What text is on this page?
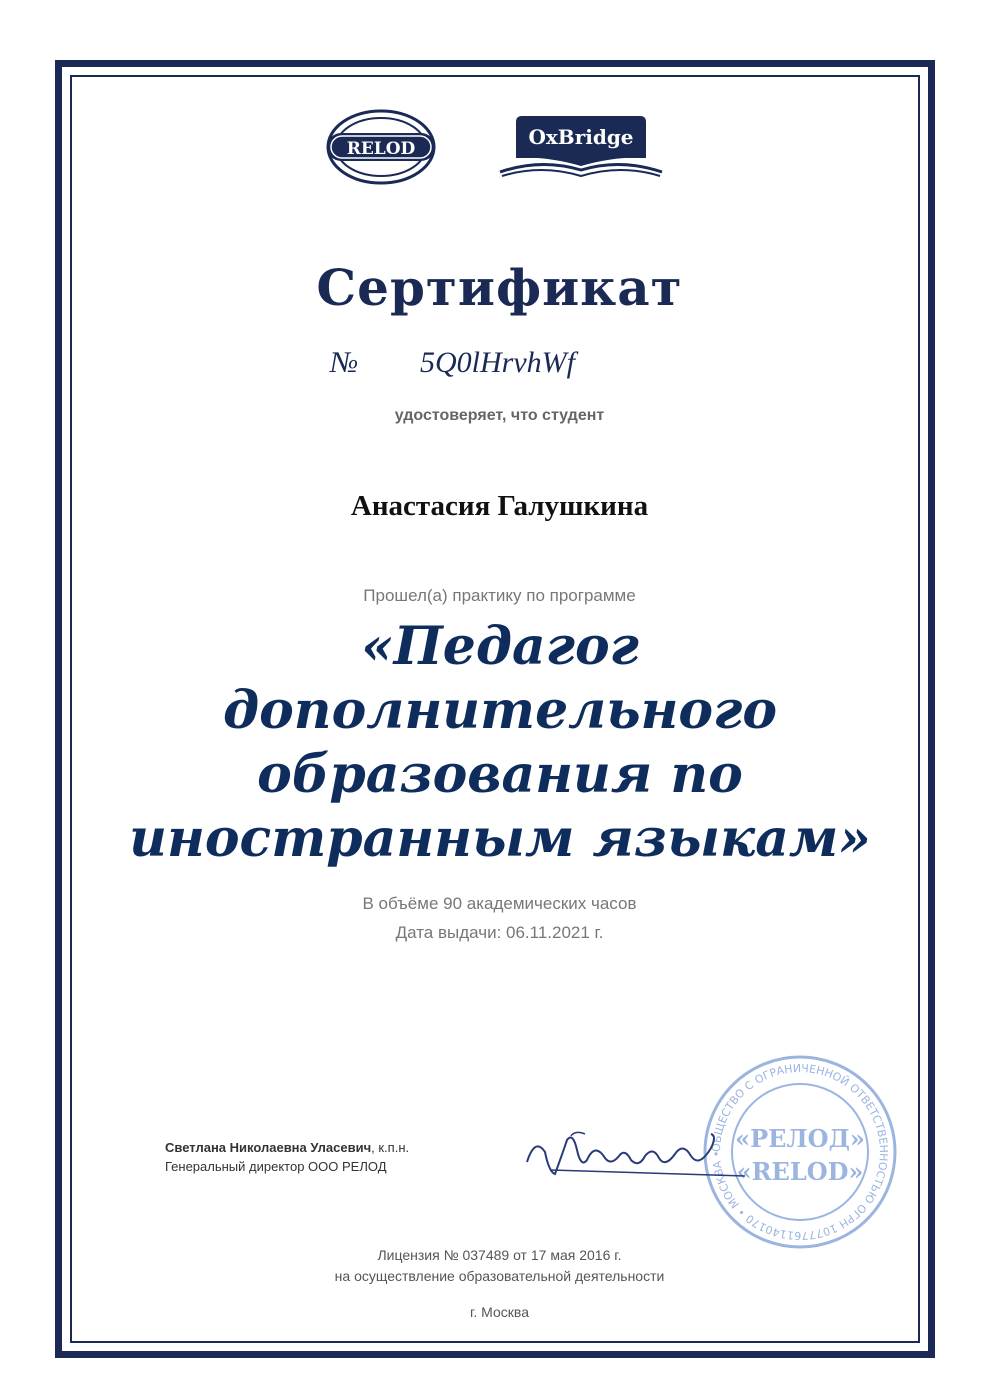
RELOD	OxBridge
Сертификат
№ 5Q0lHrvhWf
удостоверяет, что студент
Анастасия Галушкина
Прошел(а) практику по программе
«Педагог дополнительного образования по иностранным языкам»
В объёме 90 академических часов
Дата выдачи: 06.11.2021 г.
Светлана Николаевна Уласевич, к.п.н.
Генеральный директор ООО РЕЛОД
ОБЩЕСТВО С ОГРАНИЧЕННОЙ ОТВЕТСТВЕННОСТЬЮ ОГРН 1077761140170 • МОСКВА •
«РЕЛОД»
«RELOD»
Лицензия № 037489 от 17 мая 2016 г.
на осуществление образовательной деятельности
г. Москва
